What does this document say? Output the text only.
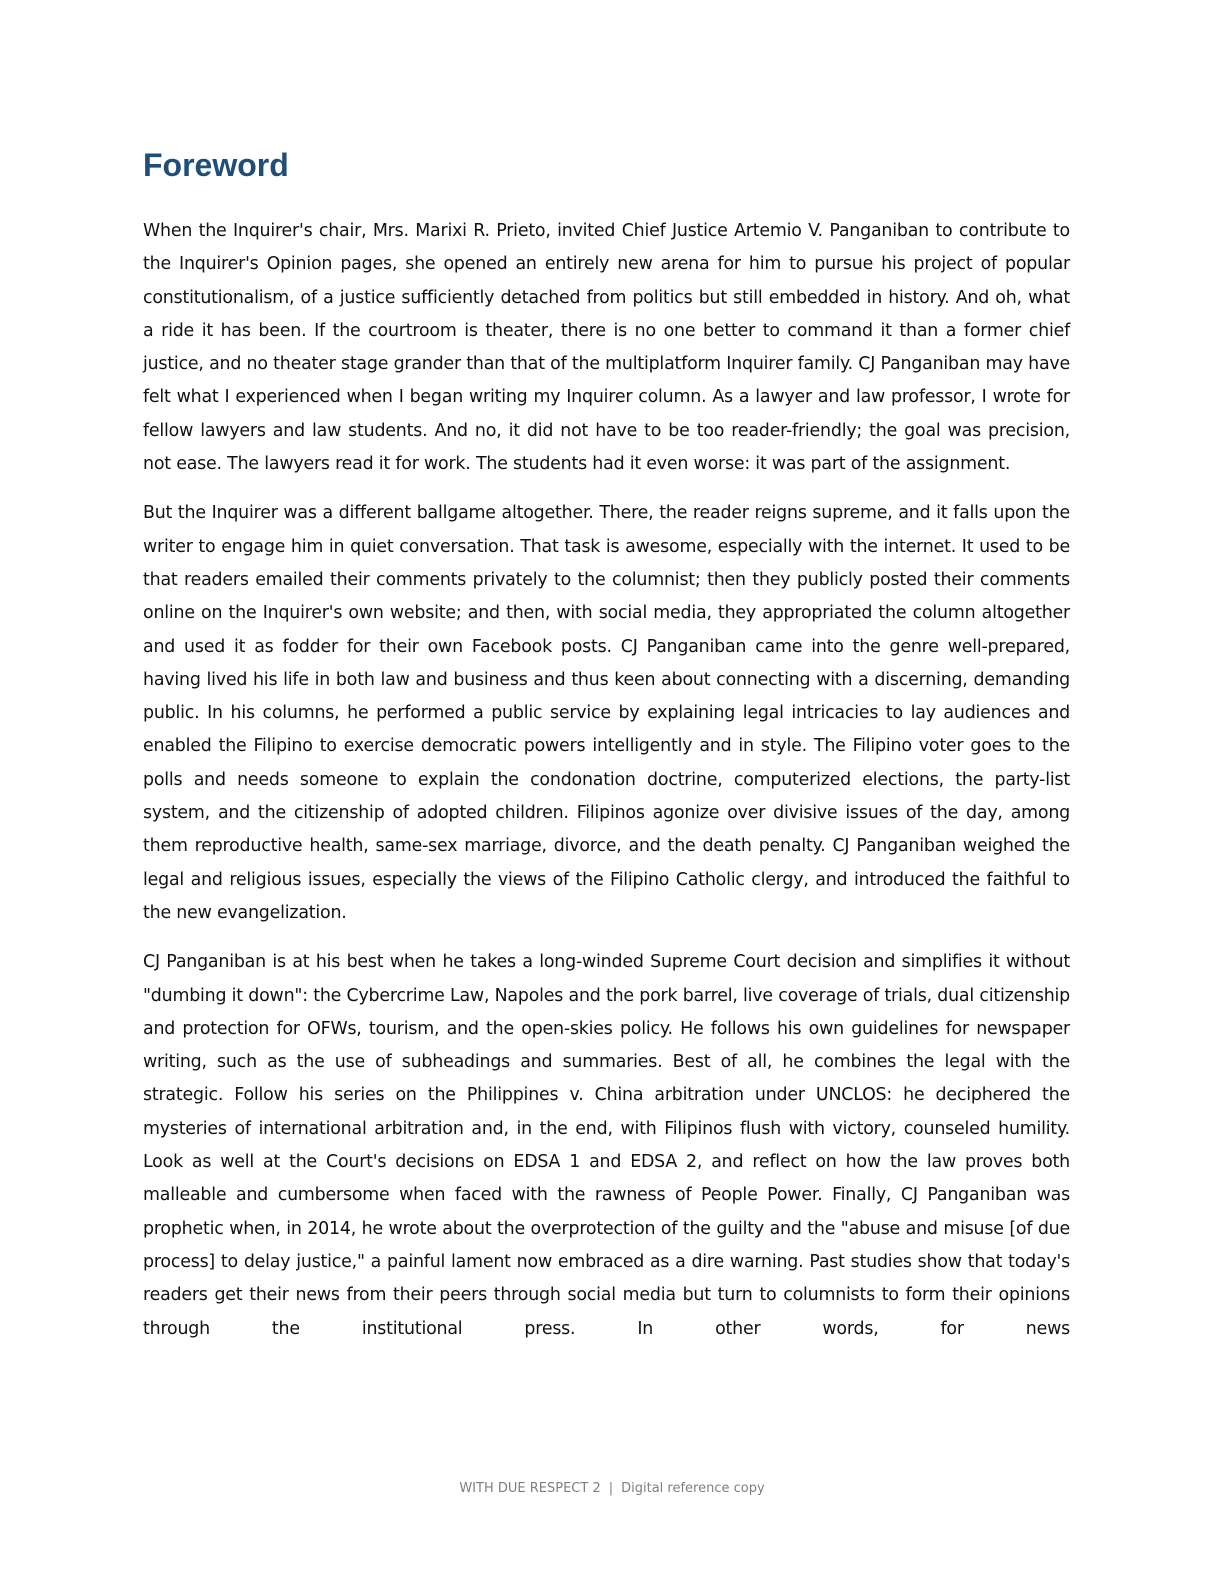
Foreword

When the Inquirer's chair, Mrs. Marixi R. Prieto, invited Chief Justice Artemio V. Panganiban to contribute to the Inquirer's Opinion pages, she opened an entirely new arena for him to pursue his project of popular constitutionalism, of a justice sufficiently detached from politics but still embedded in history. And oh, what a ride it has been. If the courtroom is theater, there is no one better to command it than a former chief justice, and no theater stage grander than that of the multiplatform Inquirer family. CJ Panganiban may have felt what I experienced when I began writing my Inquirer column. As a lawyer and law professor, I wrote for fellow lawyers and law students. And no, it did not have to be too reader-friendly; the goal was precision, not ease. The lawyers read it for work. The students had it even worse: it was part of the assignment.

But the Inquirer was a different ballgame altogether. There, the reader reigns supreme, and it falls upon the writer to engage him in quiet conversation. That task is awesome, especially with the internet. It used to be that readers emailed their comments privately to the columnist; then they publicly posted their comments online on the Inquirer's own website; and then, with social media, they appropriated the column altogether and used it as fodder for their own Facebook posts. CJ Panganiban came into the genre well-prepared, having lived his life in both law and business and thus keen about connecting with a discerning, demanding public. In his columns, he performed a public service by explaining legal intricacies to lay audiences and enabled the Filipino to exercise democratic powers intelligently and in style. The Filipino voter goes to the polls and needs someone to explain the condonation doctrine, computerized elections, the party-list system, and the citizenship of adopted children. Filipinos agonize over divisive issues of the day, among them reproductive health, same-sex marriage, divorce, and the death penalty. CJ Panganiban weighed the legal and religious issues, especially the views of the Filipino Catholic clergy, and introduced the faithful to the new evangelization.

CJ Panganiban is at his best when he takes a long-winded Supreme Court decision and simplifies it without "dumbing it down": the Cybercrime Law, Napoles and the pork barrel, live coverage of trials, dual citizenship and protection for OFWs, tourism, and the open-skies policy. He follows his own guidelines for newspaper writing, such as the use of subheadings and summaries. Best of all, he combines the legal with the strategic. Follow his series on the Philippines v. China arbitration under UNCLOS: he deciphered the mysteries of international arbitration and, in the end, with Filipinos flush with victory, counseled humility. Look as well at the Court's decisions on EDSA 1 and EDSA 2, and reflect on how the law proves both malleable and cumbersome when faced with the rawness of People Power. Finally, CJ Panganiban was prophetic when, in 2014, he wrote about the overprotection of the guilty and the "abuse and misuse [of due process] to delay justice," a painful lament now embraced as a dire warning. Past studies show that today's readers get their news from their peers through social media but turn to columnists to form their opinions through the institutional press. In other words, for news

WITH DUE RESPECT 2 | Digital reference copy
